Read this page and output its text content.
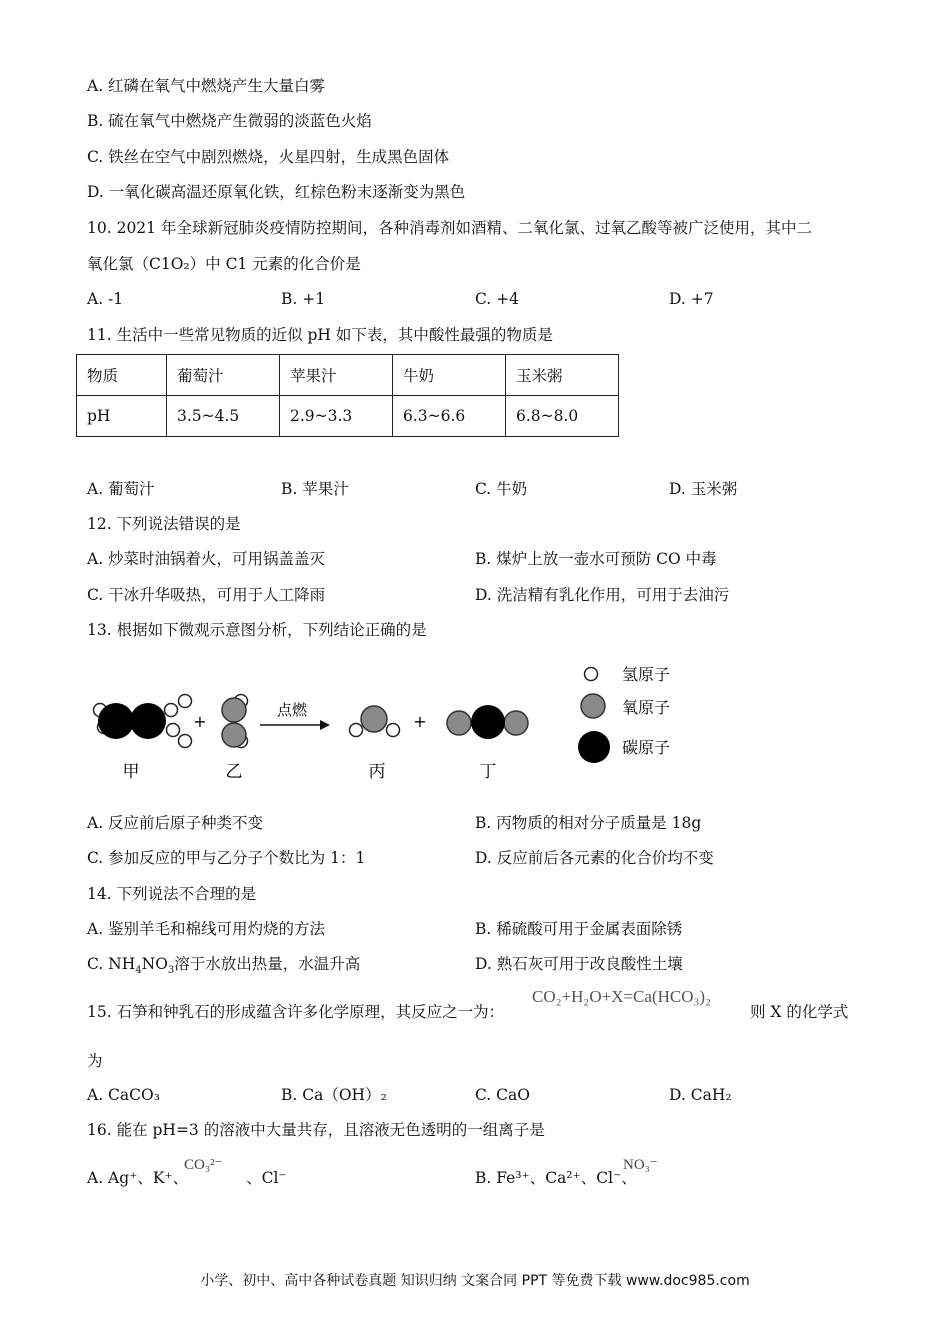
A. 红磷在氧气中燃烧产生大量白雾
B. 硫在氧气中燃烧产生微弱的淡蓝色火焰
C. 铁丝在空气中剧烈燃烧，火星四射，生成黑色固体
D. 一氧化碳高温还原氧化铁，红棕色粉末逐渐变为黑色
10. 2021 年全球新冠肺炎疫情防控期间，各种消毒剂如酒精、二氧化氯、过氧乙酸等被广泛使用，其中二
氧化氯（C1O₂）中 C1 元素的化合价是
A. -1	B. +1	C. +4	D. +7
11. 生活中一些常见物质的近似 pH 如下表，其中酸性最强的物质是
物质	葡萄汁	苹果汁	牛奶	玉米粥
pH	3.5~4.5	2.9~3.3	6.3~6.6	6.8~8.0
A. 葡萄汁	B. 苹果汁	C. 牛奶	D. 玉米粥
12. 下列说法错误的是
A. 炒菜时油锅着火，可用锅盖盖灭	B. 煤炉上放一壶水可预防 CO 中毒
C. 干冰升华吸热，可用于人工降雨	D. 洗洁精有乳化作用，可用于去油污
13. 根据如下微观示意图分析，下列结论正确的是
+
点燃
+
甲	乙	丙	丁
氢原子
氧原子
碳原子
A. 反应前后原子种类不变	B. 丙物质的相对分子质量是 18g
C. 参加反应的甲与乙分子个数比为 1：1	D. 反应前后各元素的化合价均不变
14. 下列说法不合理的是
A. 鉴别羊毛和棉线可用灼烧的方法	B. 稀硫酸可用于金属表面除锈
C. $NH_4NO_3$溶于水放出热量，水温升高	D. 熟石灰可用于改良酸性土壤
15. 石笋和钟乳石的形成蕴含许多化学原理，其反应之一为：
CO₂+H₂O+X=Ca(HCO₃)₂
则 X 的化学式
为
A. CaCO₃	B. Ca（OH）₂	C. CaO	D. CaH₂
16. 能在 pH=3 的溶液中大量共存，且溶液无色透明的一组离子是
A. Ag⁺、K⁺、	、Cl⁻
CO₃²⁻
B. Fe³⁺、Ca²⁺、Cl⁻、
NO₃⁻
小学、初中、高中各种试卷真题 知识归纳 文案合同 PPT 等免费下载 www.doc985.com
